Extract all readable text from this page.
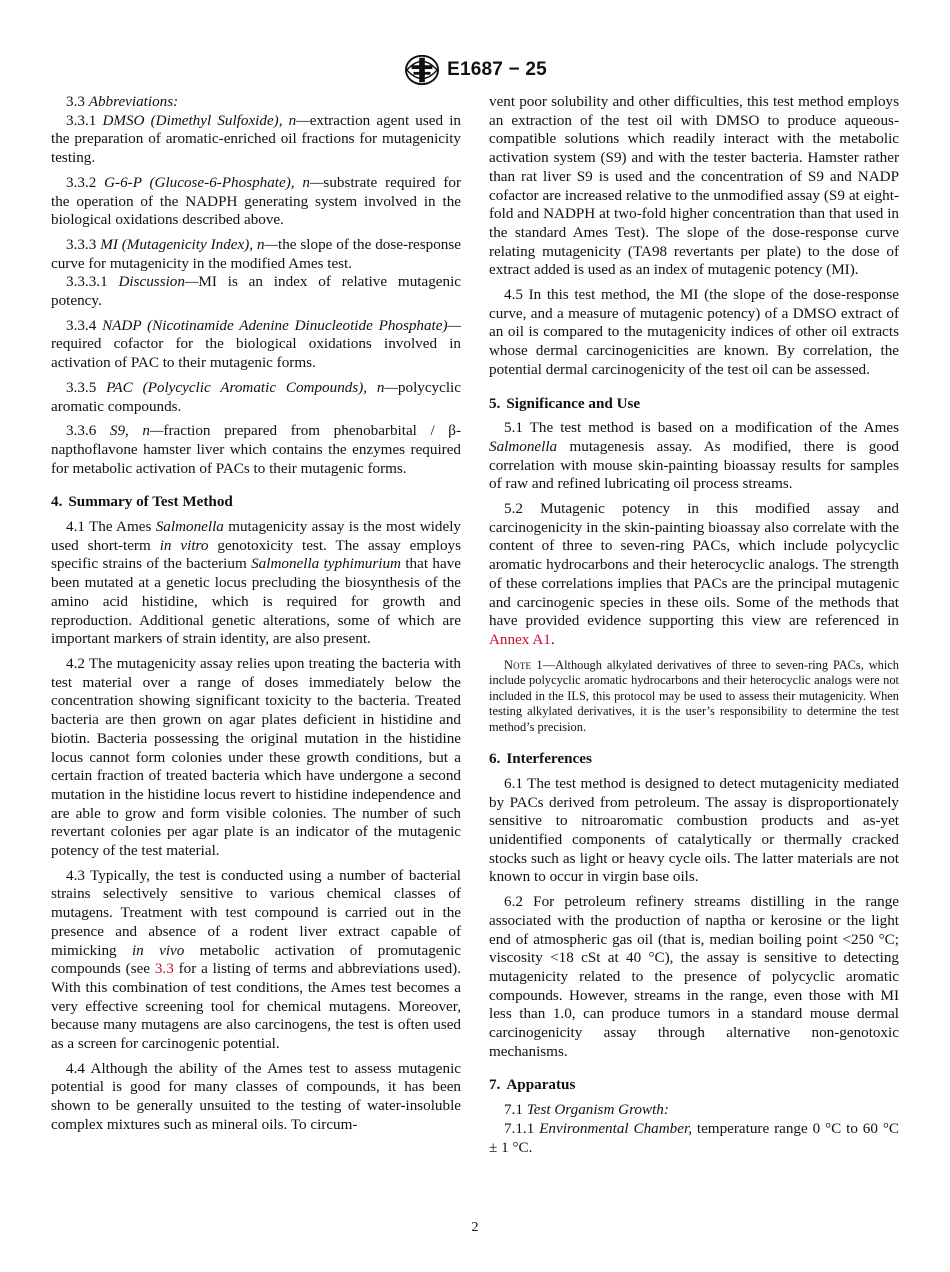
E1687 − 25

3.3 Abbreviations:

3.3.1 DMSO (Dimethyl Sulfoxide), n—extraction agent used in the preparation of aromatic-enriched oil fractions for mutagenicity testing.

3.3.2 G-6-P (Glucose-6-Phosphate), n—substrate required for the operation of the NADPH generating system involved in the biological oxidations described above.

3.3.3 MI (Mutagenicity Index), n—the slope of the dose-response curve for mutagenicity in the modified Ames test.

3.3.3.1 Discussion—MI is an index of relative mutagenic potency.

3.3.4 NADP (Nicotinamide Adenine Dinucleotide Phosphate)—required cofactor for the biological oxidations involved in activation of PAC to their mutagenic forms.

3.3.5 PAC (Polycyclic Aromatic Compounds), n—polycyclic aromatic compounds.

3.3.6 S9, n—fraction prepared from phenobarbital / β-napthoflavone hamster liver which contains the enzymes required for metabolic activation of PACs to their mutagenic forms.

4. Summary of Test Method

4.1 The Ames Salmonella mutagenicity assay is the most widely used short-term in vitro genotoxicity test. The assay employs specific strains of the bacterium Salmonella typhimurium that have been mutated at a genetic locus precluding the biosynthesis of the amino acid histidine, which is required for growth and reproduction. Additional genetic alterations, some of which are important markers of strain identity, are also present.

4.2 The mutagenicity assay relies upon treating the bacteria with test material over a range of doses immediately below the concentration showing significant toxicity to the bacteria. Treated bacteria are then grown on agar plates deficient in histidine and biotin. Bacteria possessing the original mutation in the histidine locus cannot form colonies under these growth conditions, but a certain fraction of treated bacteria which have undergone a second mutation in the histidine locus revert to histidine independence and are able to grow and form visible colonies. The number of such revertant colonies per agar plate is an indicator of the mutagenic potency of the test material.

4.3 Typically, the test is conducted using a number of bacterial strains selectively sensitive to various chemical classes of mutagens. Treatment with test compound is carried out in the presence and absence of a rodent liver extract capable of mimicking in vivo metabolic activation of promutagenic compounds (see 3.3 for a listing of terms and abbreviations used). With this combination of test conditions, the Ames test becomes a very effective screening tool for chemical mutagens. Moreover, because many mutagens are also carcinogens, the test is often used as a screen for carcinogenic potential.

4.4 Although the ability of the Ames test to assess mutagenic potential is good for many classes of compounds, it has been shown to be generally unsuited to the testing of water-insoluble complex mixtures such as mineral oils. To circum-

vent poor solubility and other difficulties, this test method employs an extraction of the test oil with DMSO to produce aqueous-compatible solutions which readily interact with the metabolic activation system (S9) and with the tester bacteria. Hamster rather than rat liver S9 is used and the concentration of S9 and NADP cofactor are increased relative to the unmodified assay (S9 at eight-fold and NADPH at two-fold higher concentration than that used in the standard Ames Test). The slope of the dose-response curve relating mutagenicity (TA98 revertants per plate) to the dose of extract added is used as an index of mutagenic potency (MI).

4.5 In this test method, the MI (the slope of the dose-response curve, and a measure of mutagenic potency) of a DMSO extract of an oil is compared to the mutagenicity indices of other oil extracts whose dermal carcinogenicities are known. By correlation, the potential dermal carcinogenicity of the test oil can be assessed.

5. Significance and Use

5.1 The test method is based on a modification of the Ames Salmonella mutagenesis assay. As modified, there is good correlation with mouse skin-painting bioassay results for samples of raw and refined lubricating oil process streams.

5.2 Mutagenic potency in this modified assay and carcinogenicity in the skin-painting bioassay also correlate with the content of three to seven-ring PACs, which include polycyclic aromatic hydrocarbons and their heterocyclic analogs. The strength of these correlations implies that PACs are the principal mutagenic and carcinogenic species in these oils. Some of the methods that have provided evidence supporting this view are referenced in Annex A1.

Note 1—Although alkylated derivatives of three to seven-ring PACs, which include polycyclic aromatic hydrocarbons and their heterocyclic analogs were not included in the ILS, this protocol may be used to assess their mutagenicity. When testing alkylated derivatives, it is the user’s responsibility to determine the test method’s precision.

6. Interferences

6.1 The test method is designed to detect mutagenicity mediated by PACs derived from petroleum. The assay is disproportionately sensitive to nitroaromatic combustion products and as-yet unidentified components of catalytically or thermally cracked stocks such as light or heavy cycle oils. The latter materials are not known to occur in virgin base oils.

6.2 For petroleum refinery streams distilling in the range associated with the production of naptha or kerosine or the light end of atmospheric gas oil (that is, median boiling point <250 °C; viscosity <18 cSt at 40 °C), the assay is sensitive to detecting mutagenicity related to the presence of polycyclic aromatic compounds. However, streams in the range, even those with MI less than 1.0, can produce tumors in a standard mouse dermal carcinogenicity assay through alternative non-genotoxic mechanisms.

7. Apparatus

7.1 Test Organism Growth:

7.1.1 Environmental Chamber, temperature range 0 °C to 60 °C ± 1 °C.

2
